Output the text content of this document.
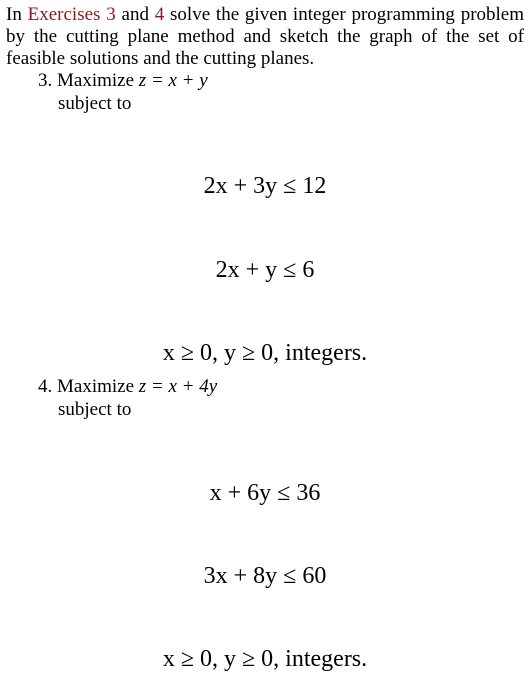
In Exercises 3 and 4 solve the given integer programming problem by the cutting plane method and sketch the graph of the set of feasible solutions and the cutting planes.

3. Maximize z = x + y
subject to
2x + 3y ≤ 12
2x + y ≤ 6
x ≥ 0, y ≥ 0, integers.
4. Maximize z = x + 4y
subject to
x + 6y ≤ 36
3x + 8y ≤ 60
x ≥ 0, y ≥ 0, integers.
